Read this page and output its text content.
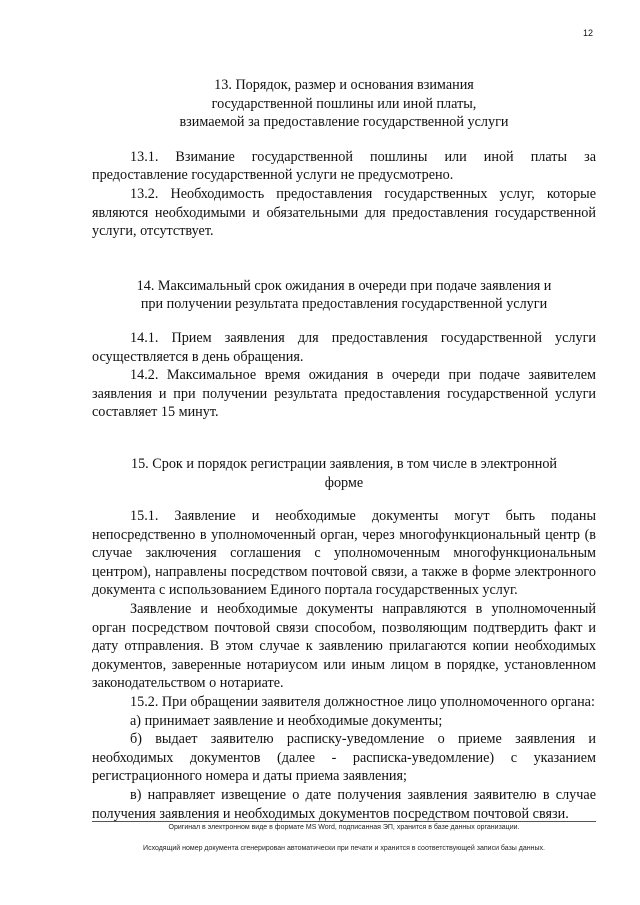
12
13. Порядок, размер и основания взимания
государственной пошлины или иной платы,
взимаемой за предоставление государственной услуги

13.1. Взимание государственной пошлины или иной платы за предоставление государственной услуги не предусмотрено.

13.2. Необходимость предоставления государственных услуг, которые являются необходимыми и обязательными для предоставления государственной услуги, отсутствует.

14. Максимальный срок ожидания в очереди при подаче заявления и
при получении результата предоставления государственной услуги

14.1. Прием заявления для предоставления государственной услуги осуществляется в день обращения.

14.2. Максимальное время ожидания в очереди при подаче заявителем заявления и при получении результата предоставления государственной услуги составляет 15 минут.

15. Срок и порядок регистрации заявления, в том числе в электронной
форме

15.1. Заявление и необходимые документы могут быть поданы непосредственно в уполномоченный орган, через многофункциональный центр (в случае заключения соглашения с уполномоченным многофункциональным центром), направлены посредством почтовой связи, а также в форме электронного документа с использованием Единого портала государственных услуг.

Заявление и необходимые документы направляются в уполномоченный орган посредством почтовой связи способом, позволяющим подтвердить факт и дату отправления. В этом случае к заявлению прилагаются копии необходимых документов, заверенные нотариусом или иным лицом в порядке, установленном законодательством о нотариате.

15.2. При обращении заявителя должностное лицо уполномоченного органа:

а) принимает заявление и необходимые документы;

б) выдает заявителю расписку-уведомление о приеме заявления и необходимых документов (далее - расписка-уведомление) с указанием регистрационного номера и даты приема заявления;

в) направляет извещение о дате получения заявления заявителю в случае получения заявления и необходимых документов посредством почтовой связи.

Оригинал в электронном виде в формате MS Word, подписанная ЭП, хранится в базе данных организации.
Исходящий номер документа сгенерирован автоматически при печати и хранится в соответствующей записи базы данных.
